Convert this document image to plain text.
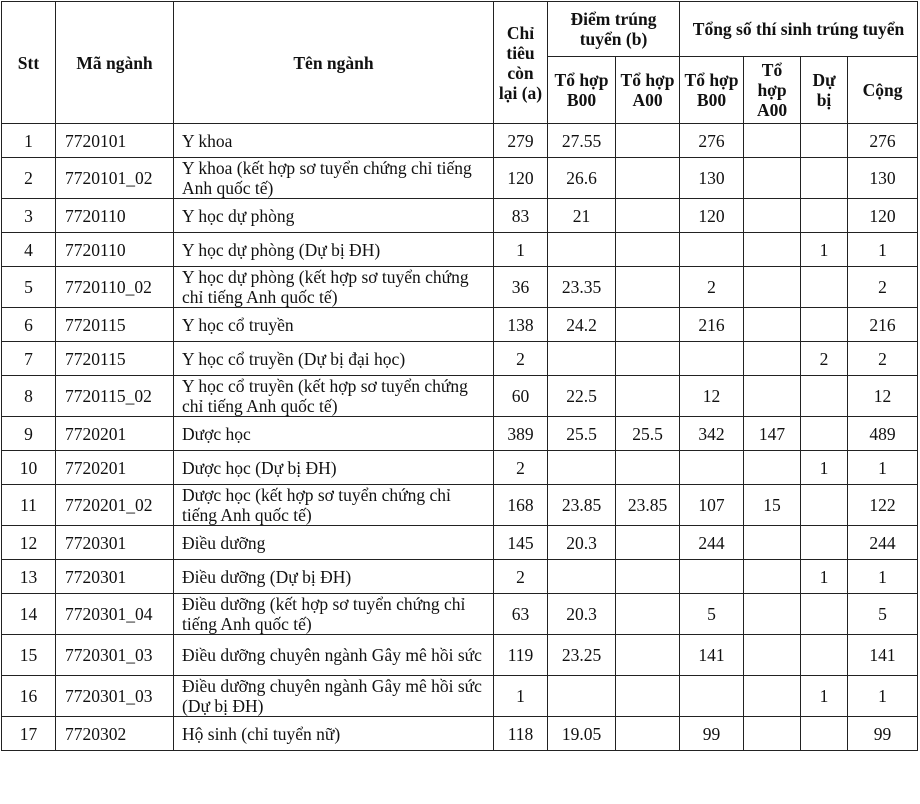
Stt	Mã ngành	Tên ngành	Chỉ tiêu còn lại (a)	Điểm trúng tuyển (b)		Tổng số thí sinh trúng tuyển			
				Tổ hợp B00	Tổ hợp A00	Tổ hợp B00	Tổ hợp A00	Dự bị	Cộng
1	7720101	Y khoa	279	27.55		276			276
2	7720101_02	Y khoa (kết hợp sơ tuyển chứng chỉ tiếng Anh quốc tế)	120	26.6		130			130
3	7720110	Y học dự phòng	83	21		120			120
4	7720110	Y học dự phòng (Dự bị ĐH)	1					1	1
5	7720110_02	Y học dự phòng (kết hợp sơ tuyển chứng chỉ tiếng Anh quốc tế)	36	23.35		2			2
6	7720115	Y học cổ truyền	138	24.2		216			216
7	7720115	Y học cổ truyền (Dự bị đại học)	2					2	2
8	7720115_02	Y học cổ truyền (kết hợp sơ tuyển chứng chỉ tiếng Anh quốc tế)	60	22.5		12			12
9	7720201	Dược học	389	25.5	25.5	342	147		489
10	7720201	Dược học (Dự bị ĐH)	2					1	1
11	7720201_02	Dược học (kết hợp sơ tuyển chứng chỉ tiếng Anh quốc tế)	168	23.85	23.85	107	15		122
12	7720301	Điều dưỡng	145	20.3		244			244
13	7720301	Điều dưỡng (Dự bị ĐH)	2					1	1
14	7720301_04	Điều dưỡng (kết hợp sơ tuyển chứng chỉ tiếng Anh quốc tế)	63	20.3		5			5
15	7720301_03	Điều dưỡng chuyên ngành Gây mê hồi sức	119	23.25		141			141
16	7720301_03	Điều dưỡng chuyên ngành Gây mê hồi sức (Dự bị ĐH)	1					1	1
17	7720302	Hộ sinh (chỉ tuyển nữ)	118	19.05		99			99
